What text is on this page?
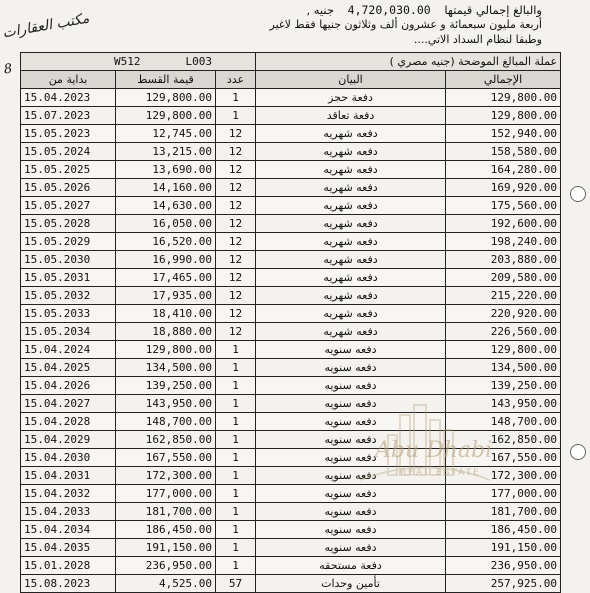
والبالغ إجمالي قيمتها 4,720,030.00 جنيه ,
أربعة مليون سبعمائة و عشرون ألف وثلاثون جنيها فقط لاغير
وطبقا لنظام السداد الاتي....
مكتب العقارات
8	W512 L003			عملة المبالغ الموضحة (جنيه مصري )	
بداية من	قيمة القسط	عدد	البيان	الإجمالي
15.04.2023	129,800.00	1	دفعة حجز	129,800.00
15.07.2023	129,800.00	1	دفعة تعاقد	129,800.00
15.05.2023	12,745.00	12	دفعه شهريه	152,940.00
15.05.2024	13,215.00	12	دفعه شهريه	158,580.00
15.05.2025	13,690.00	12	دفعه شهريه	164,280.00
15.05.2026	14,160.00	12	دفعه شهريه	169,920.00
15.05.2027	14,630.00	12	دفعه شهريه	175,560.00
15.05.2028	16,050.00	12	دفعه شهريه	192,600.00
15.05.2029	16,520.00	12	دفعه شهريه	198,240.00
15.05.2030	16,990.00	12	دفعه شهريه	203,880.00
15.05.2031	17,465.00	12	دفعه شهريه	209,580.00
15.05.2032	17,935.00	12	دفعه شهريه	215,220.00
15.05.2033	18,410.00	12	دفعه شهريه	220,920.00
15.05.2034	18,880.00	12	دفعه شهريه	226,560.00
15.04.2024	129,800.00	1	دفعه سنويه	129,800.00
15.04.2025	134,500.00	1	دفعه سنويه	134,500.00
15.04.2026	139,250.00	1	دفعه سنويه	139,250.00
15.04.2027	143,950.00	1	دفعه سنويه	143,950.00
15.04.2028	148,700.00	1	دفعه سنويه	148,700.00
15.04.2029	162,850.00	1	دفعه سنويه	162,850.00
15.04.2030	167,550.00	1	دفعه سنويه	167,550.00
15.04.2031	172,300.00	1	دفعه سنويه	172,300.00
15.04.2032	177,000.00	1	دفعه سنويه	177,000.00
15.04.2033	181,700.00	1	دفعه سنويه	181,700.00
15.04.2034	186,450.00	1	دفعه سنويه	186,450.00
15.04.2035	191,150.00	1	دفعه سنويه	191,150.00
15.01.2028	236,950.00	1	دفعة مستحقه	236,950.00
15.08.2023	4,525.00	57	تأمين وحدات	257,925.00
Abu Dhabi
REAL ESTATE
